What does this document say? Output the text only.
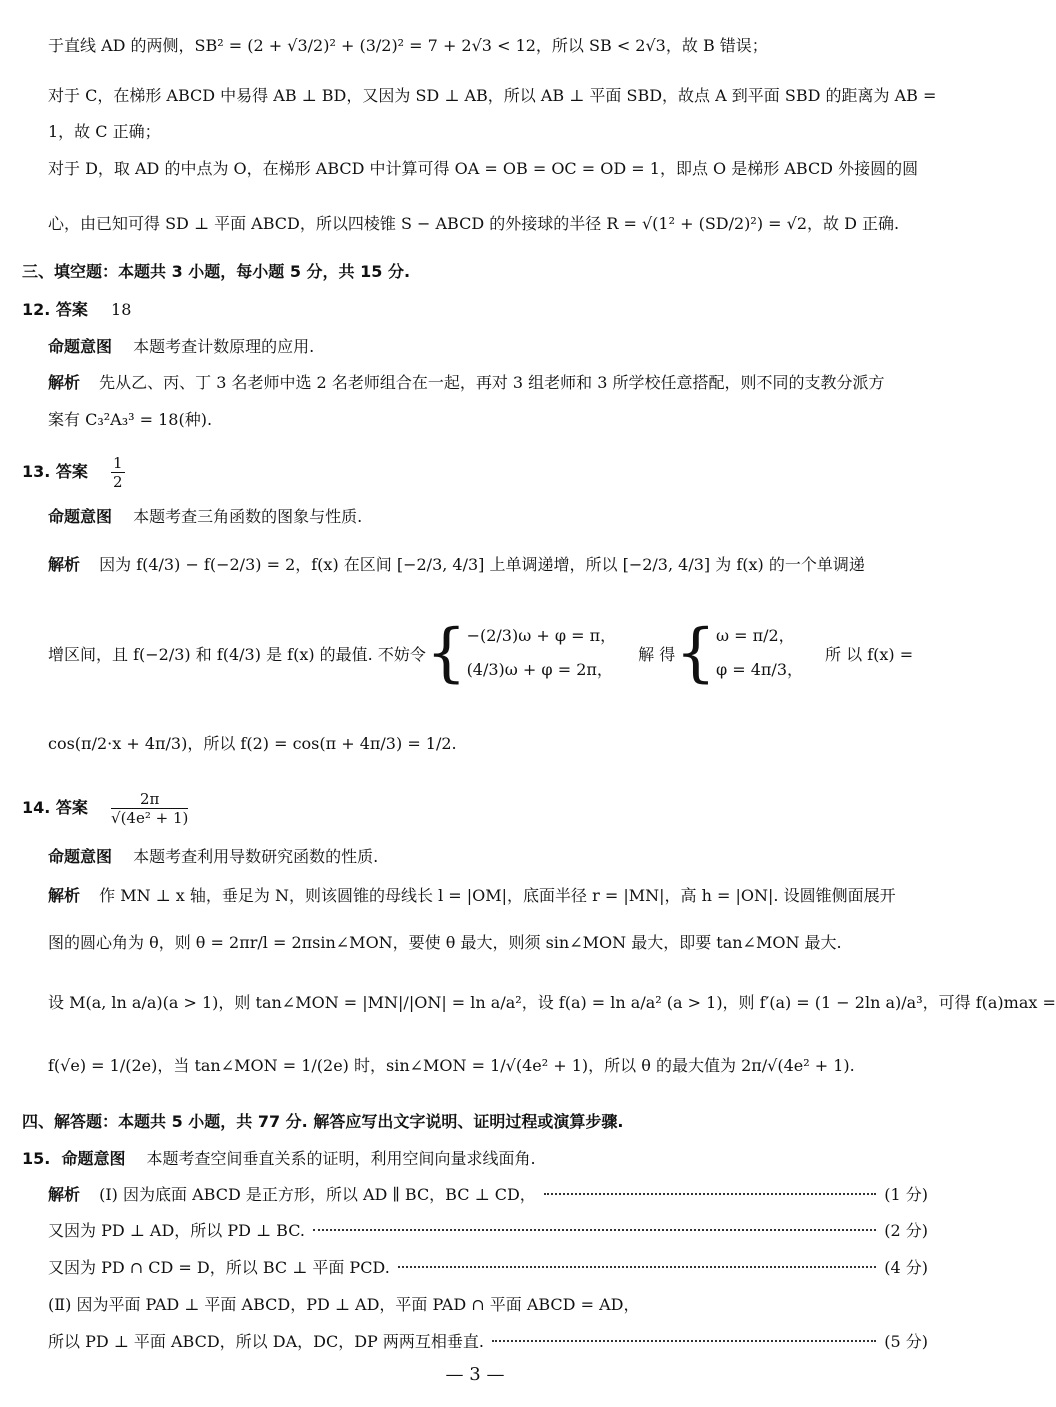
于直线 AD 的两侧，SB² = (2 + √3/2)² + (3/2)² = 7 + 2√3 < 12，所以 SB < 2√3，故 B 错误；
对于 C，在梯形 ABCD 中易得 AB ⊥ BD，又因为 SD ⊥ AB，所以 AB ⊥ 平面 SBD，故点 A 到平面 SBD 的距离为 AB =
1，故 C 正确；
对于 D，取 AD 的中点为 O，在梯形 ABCD 中计算可得 OA = OB = OC = OD = 1，即点 O 是梯形 ABCD 外接圆的圆
心，由已知可得 SD ⊥ 平面 ABCD，所以四棱锥 S − ABCD 的外接球的半径 R = √(1² + (SD/2)²) = √2，故 D 正确.
三、填空题：本题共 3 小题，每小题 5 分，共 15 分.
12. 答案 18
命题意图 本题考查计数原理的应用.
解析 先从乙、丙、丁 3 名老师中选 2 名老师组合在一起，再对 3 组老师和 3 所学校任意搭配，则不同的支教分派方
案有 C₃²A₃³ = 18(种).
13. 答案 $\frac{1}{2}$
命题意图 本题考查三角函数的图象与性质.
解析 因为 f(4/3) − f(−2/3) = 2，f(x) 在区间 [−2/3, 4/3] 上单调递增，所以 [−2/3, 4/3] 为 f(x) 的一个单调递
增区间，且 f(−2/3) 和 f(4/3) 是 f(x) 的最值. 不妨令 { −(2/3)ω + φ = π，
(4/3)ω + φ = 2π，
解 得 { ω = π/2，
φ = 4π/3，
所 以 f(x) =
cos(π/2·x + 4π/3)，所以 f(2) = cos(π + 4π/3) = 1/2.
14. 答案 $\frac{2\pi}{\text{√(4e² + 1)}}$
命题意图 本题考查利用导数研究函数的性质.
解析 作 MN ⊥ x 轴，垂足为 N，则该圆锥的母线长 l = |OM|，底面半径 r = |MN|，高 h = |ON|. 设圆锥侧面展开
图的圆心角为 θ，则 θ = 2πr/l = 2πsin∠MON，要使 θ 最大，则须 sin∠MON 最大，即要 tan∠MON 最大.
设 M(a, ln a/a)(a > 1)，则 tan∠MON = |MN|/|ON| = ln a/a²，设 f(a) = ln a/a² (a > 1)，则 f′(a) = (1 − 2ln a)/a³，可得 f(a)max =
f(√e) = 1/(2e)，当 tan∠MON = 1/(2e) 时，sin∠MON = 1/√(4e² + 1)，所以 θ 的最大值为 2π/√(4e² + 1).
四、解答题：本题共 5 小题，共 77 分. 解答应写出文字说明、证明过程或演算步骤.
15. 命题意图 本题考查空间垂直关系的证明，利用空间向量求线面角.
解析 (Ⅰ) 因为底面 ABCD 是正方形，所以 AD ∥ BC，BC ⊥ CD，	(1 分)
又因为 PD ⊥ AD，所以 PD ⊥ BC.	(2 分)
又因为 PD ∩ CD = D，所以 BC ⊥ 平面 PCD.	(4 分)
(Ⅱ) 因为平面 PAD ⊥ 平面 ABCD，PD ⊥ AD，平面 PAD ∩ 平面 ABCD = AD，
所以 PD ⊥ 平面 ABCD，所以 DA，DC，DP 两两互相垂直.	(5 分)
— 3 —
